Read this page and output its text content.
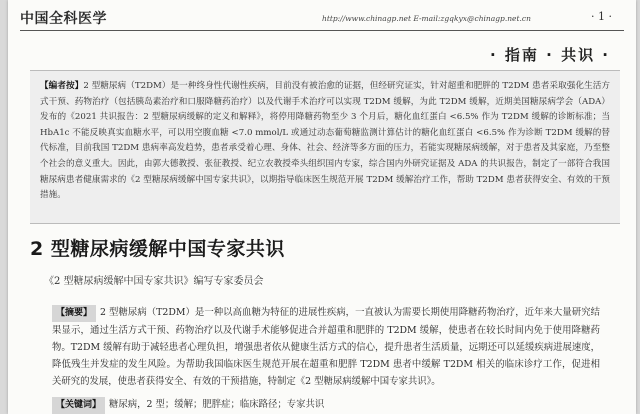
中国全科医学	http://www.chinagp.net E-mail:zgqkyx@chinagp.net.cn	· 1 ·
· 指南 · 共识 ·

【编者按】2 型糖尿病（T2DM）是一种终身性代谢性疾病，目前没有被治愈的证据，但经研究证实，针对超重和肥胖的 T2DM 患者采取强化生活方式干预、药物治疗（包括胰岛素治疗和口服降糖药治疗）以及代谢手术治疗可以实现 T2DM 缓解，为此 T2DM 缓解，近期美国糖尿病学会（ADA）发布的《2021 共识报告：2 型糖尿病缓解的定义和解释》，将停用降糖药物至少 3 个月后，糖化血红蛋白 <6.5% 作为 T2DM 缓解的诊断标准；当 HbA1c 不能反映真实血糖水平，可以用空腹血糖 <7.0 mmol/L 或通过动态葡萄糖监测计算估计的糖化血红蛋白 <6.5% 作为诊断 T2DM 缓解的替代标准，目前我国 T2DM 患病率高发趋势，患者承受着心理、身体、社会、经济等多方面的压力，若能实现糖尿病缓解，对于患者及其家庭，乃至整个社会的意义重大。因此，由郭大德教授、张征教授、纪立农教授牵头组织国内专家，综合国内外研究证据及 ADA 的共识报告，制定了一部符合我国糖尿病患者健康需求的《2 型糖尿病缓解中国专家共识》，以期指导临床医生规范开展 T2DM 缓解治疗工作，帮助 T2DM 患者获得安全、有效的干预措施。

2 型糖尿病缓解中国专家共识
《2 型糖尿病缓解中国专家共识》编写专家委员会

【摘要】 2 型糖尿病（T2DM）是一种以高血糖为特征的进展性疾病，一直被认为需要长期使用降糖药物治疗，近年来大量研究结果显示，通过生活方式干预、药物治疗以及代谢手术能够促进合并超重和肥胖的 T2DM 缓解，使患者在较长时间内免于使用降糖药物。T2DM 缓解有助于减轻患者心理负担，增强患者依从健康生活方式的信心，提升患者生活质量，远期还可以延缓疾病进展速度，降低残生并发症的发生风险。为帮助我国临床医生规范开展在超重和肥胖 T2DM 患者中缓解 T2DM 相关的临床诊疗工作，促进相关研究的发展，使患者获得安全、有效的干预措施，特制定《2 型糖尿病缓解中国专家共识》。

【关键词】 糖尿病，2 型；缓解；肥胖症；临床路径；专家共识
